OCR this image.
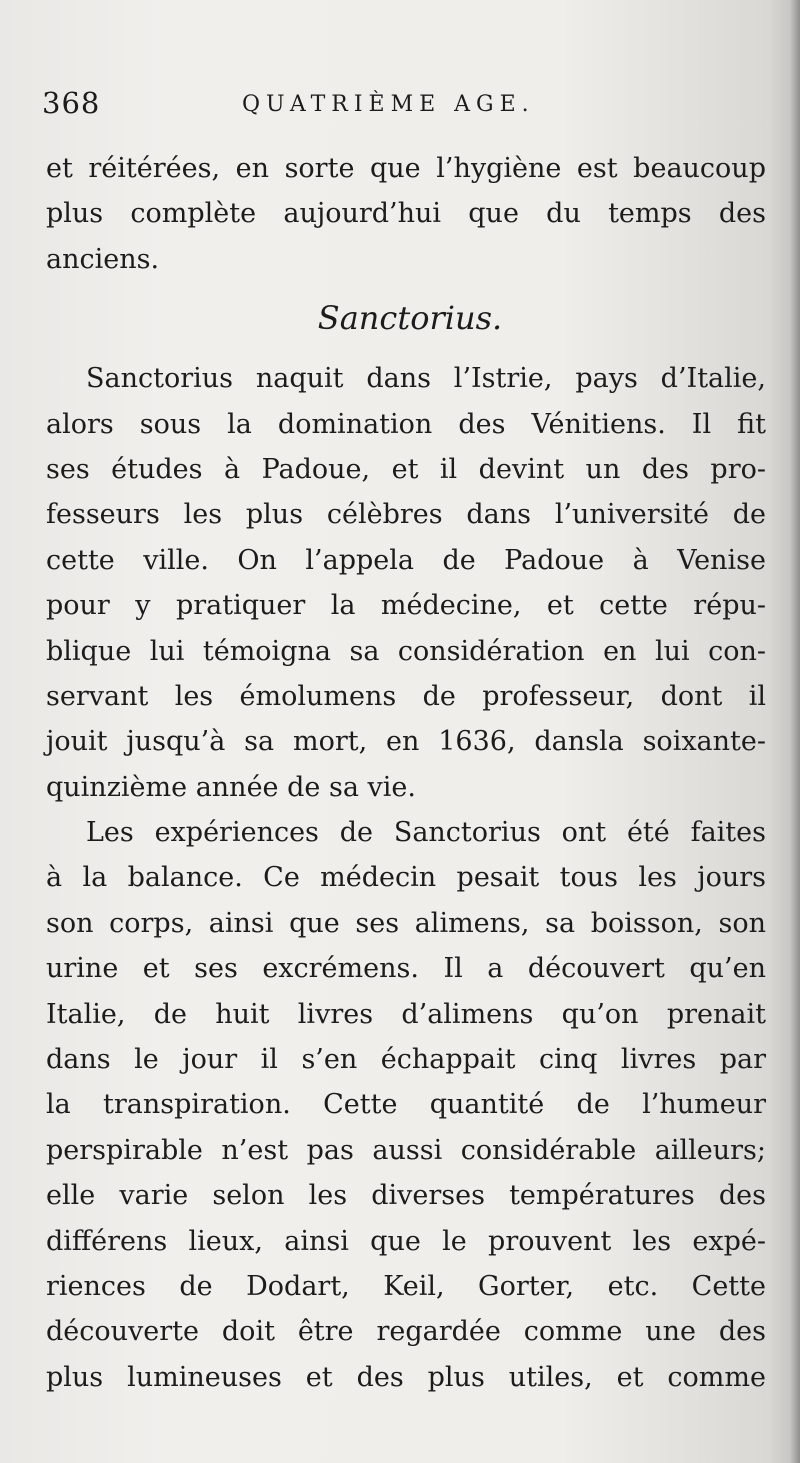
368	QUATRIÈME AGE.
et réitérées, en sorte que l’hygiène est beaucoup
plus complète aujourd’hui que du temps des
anciens.
Sanctorius.
Sanctorius naquit dans l’Istrie, pays d’Italie,
alors sous la domination des Vénitiens. Il fit
ses études à Padoue, et il devint un des pro-
fesseurs les plus célèbres dans l’université de
cette ville. On l’appela de Padoue à Venise
pour y pratiquer la médecine, et cette répu-
blique lui témoigna sa considération en lui con-
servant les émolumens de professeur, dont il
jouit jusqu’à sa mort, en 1636, dansla soixante-
quinzième année de sa vie.
Les expériences de Sanctorius ont été faites
à la balance. Ce médecin pesait tous les jours
son corps, ainsi que ses alimens, sa boisson, son
urine et ses excrémens. Il a découvert qu’en
Italie, de huit livres d’alimens qu’on prenait
dans le jour il s’en échappait cinq livres par
la transpiration. Cette quantité de l’humeur
perspirable n’est pas aussi considérable ailleurs;
elle varie selon les diverses températures des
différens lieux, ainsi que le prouvent les expé-
riences de Dodart, Keil, Gorter, etc. Cette
découverte doit être regardée comme une des
plus lumineuses et des plus utiles, et comme
